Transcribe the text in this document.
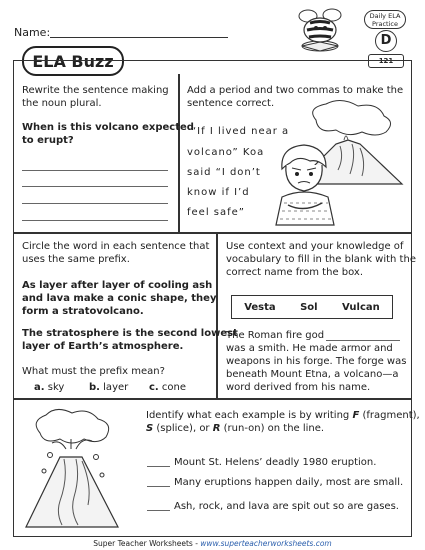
Name:
ELA Buzz
Daily ELA
Practice
D
121
Rewrite the sentence making
the noun plural.
When is this volcano expected
to erupt?
Add a period and two commas to make the
sentence correct.
“If I lived near a
volcano” Koa
said “I don’t
know if I’d
feel safe”
Circle the word in each sentence that
uses the same prefix.
As layer after layer of cooling ash
and lava make a conic shape, they
form a stratovolcano.
The stratosphere is the second lowest
layer of Earth’s atmosphere.
What must the prefix mean?
a. sky b. layer c. cone
Use context and your knowledge of
vocabulary to fill in the blank with the
correct name from the box.
Vesta Sol Vulcan
The Roman fire god
was a smith. He made armor and
weapons in his forge. The forge was
beneath Mount Etna, a volcano—a
word derived from his name.
Identify what each example is by writing F (fragment),
S (splice), or R (run-on) on the line.
Mount St. Helens’ deadly 1980 eruption.
Many eruptions happen daily, most are small.
Ash, rock, and lava are spit out so are gases.
Super Teacher Worksheets - www.superteacherworksheets.com
